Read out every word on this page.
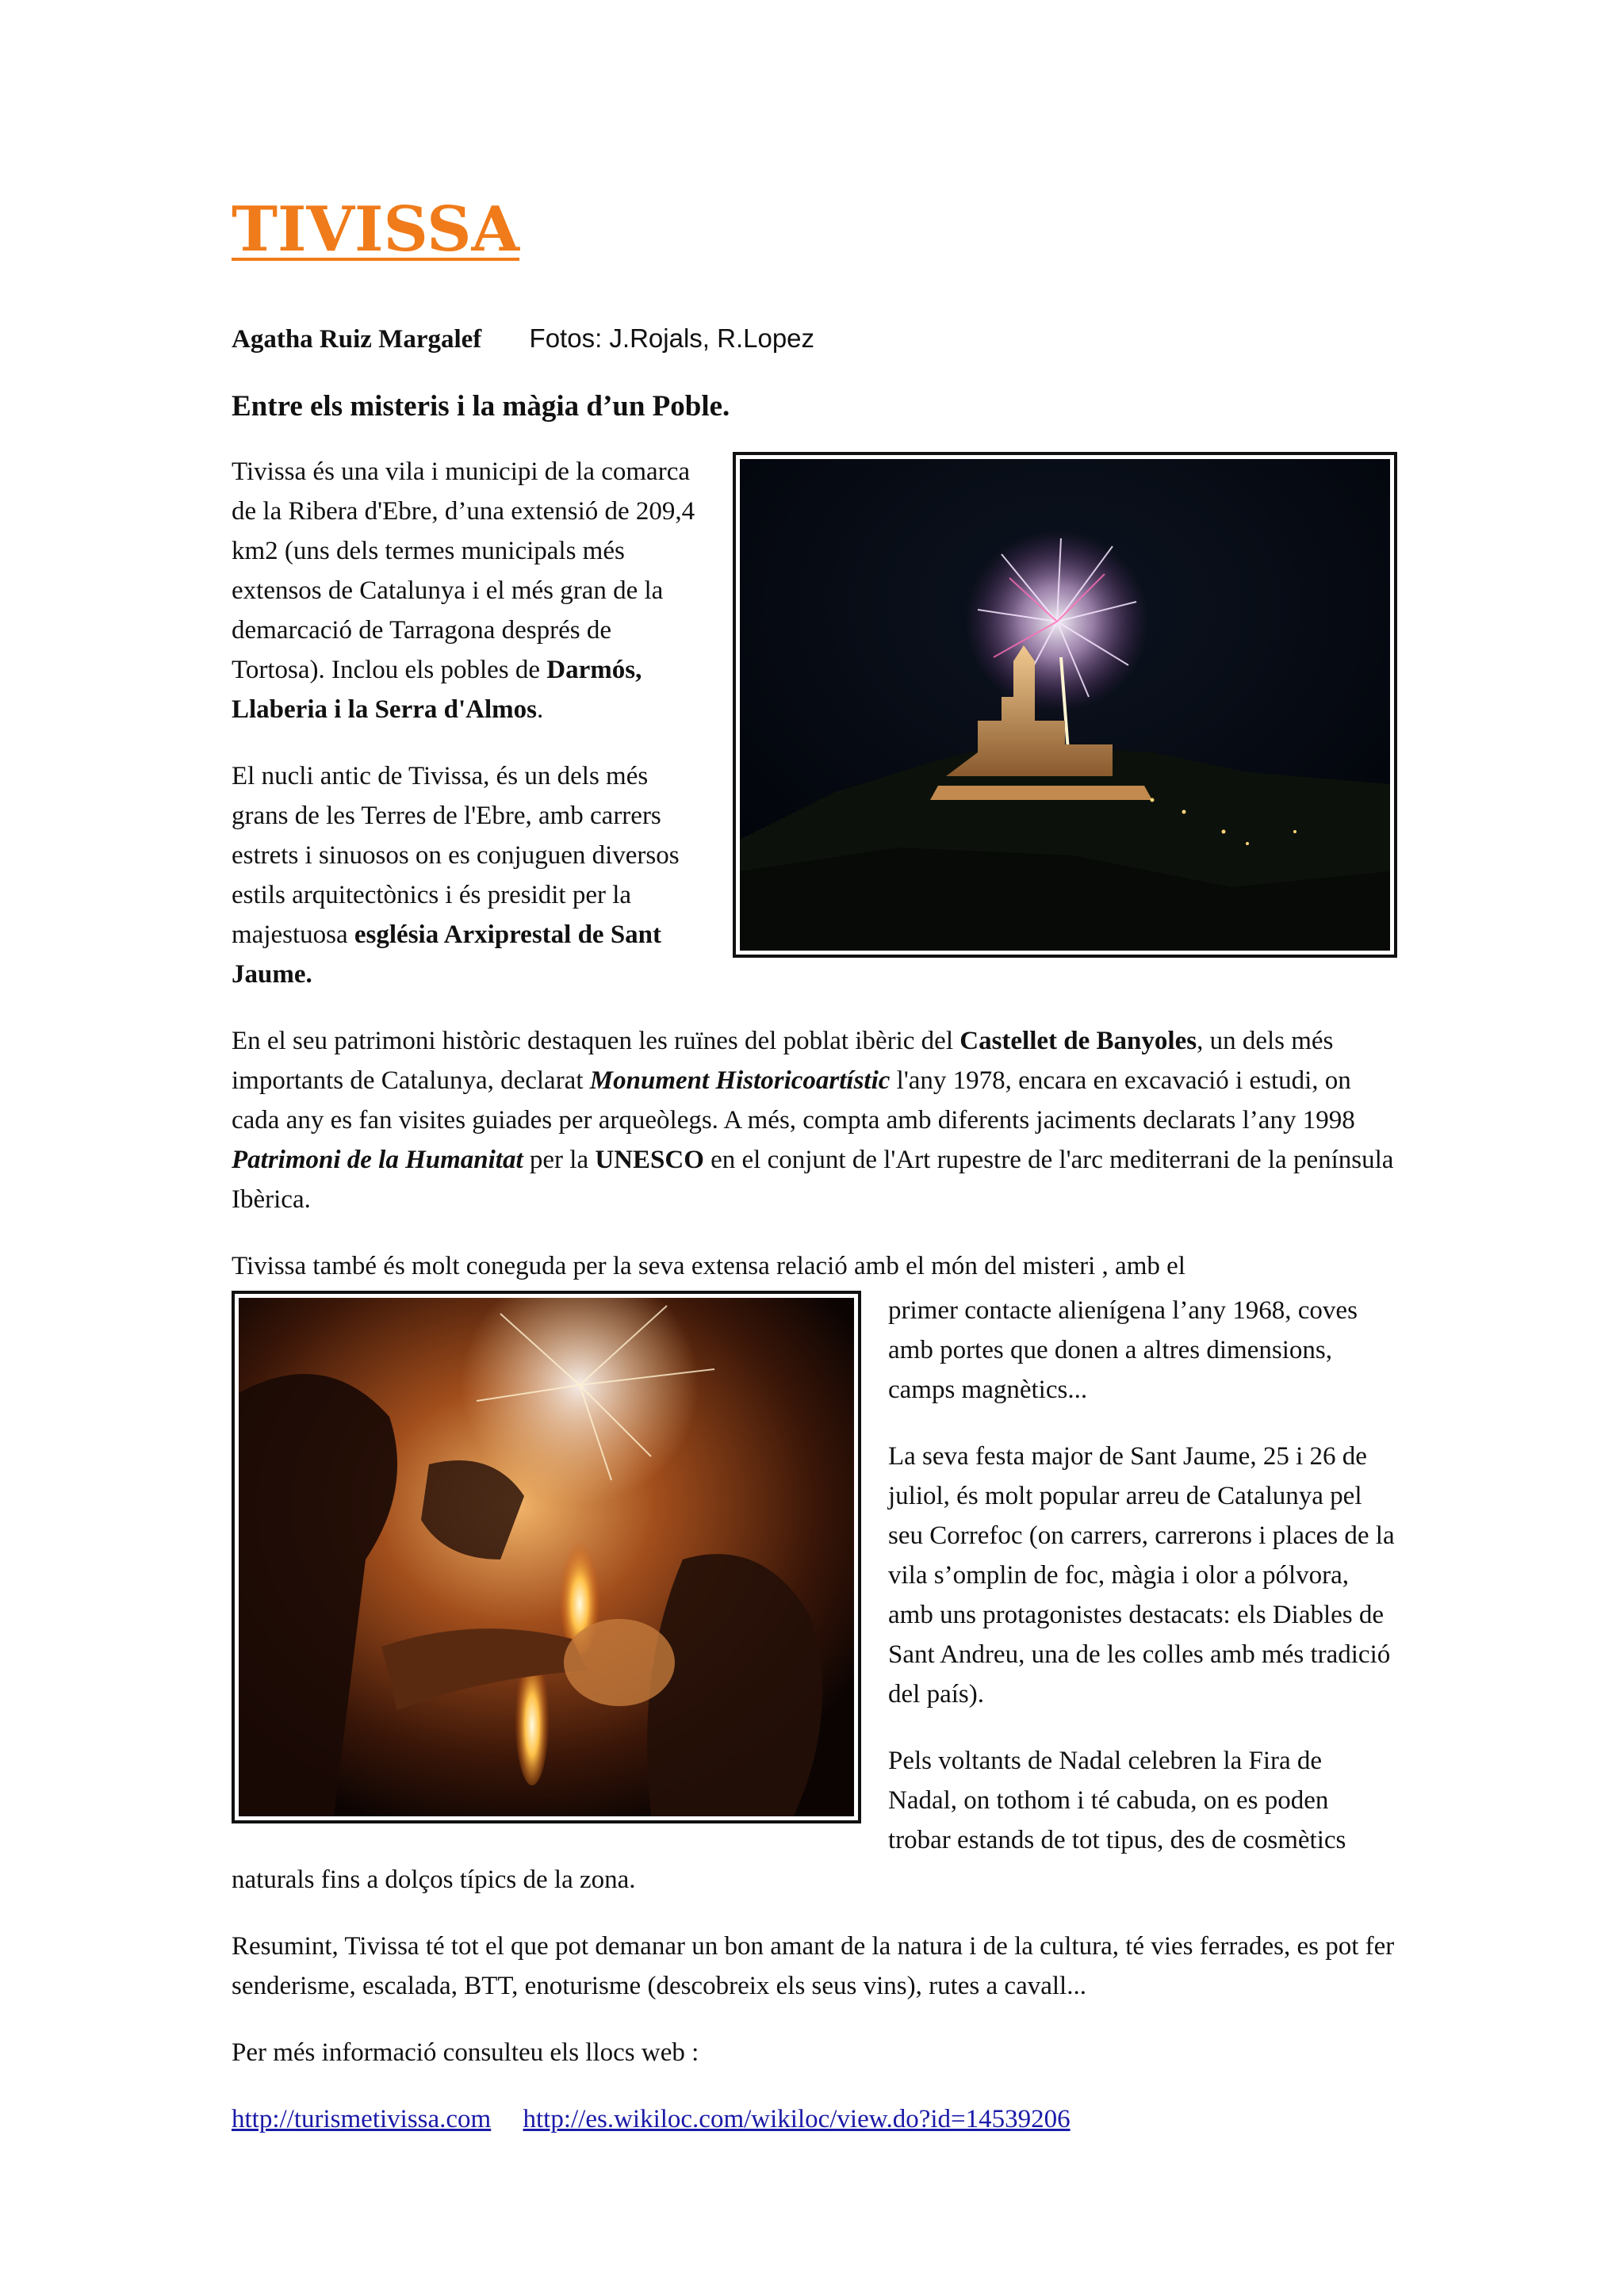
TIVISSA
Agatha Ruiz Margalef Fotos: J.Rojals, R.Lopez
Entre els misteris i la màgia d’un Poble.

Tivissa és una vila i municipi de la comarca de la Ribera d'Ebre, d’una extensió de 209,4 km2 (uns dels termes municipals més extensos de Catalunya i el més gran de la demarcació de Tarragona després de Tortosa). Inclou els pobles de Darmós, Llaberia i la Serra d'Almos.

El nucli antic de Tivissa, és un dels més grans de les Terres de l'Ebre, amb carrers estrets i sinuosos on es conjuguen diversos estils arquitectònics i és presidit per la majestuosa església Arxiprestal de Sant Jaume.

En el seu patrimoni històric destaquen les ruïnes del poblat ibèric del Castellet de Banyoles, un dels més importants de Catalunya, declarat Monument Historicoartístic l'any 1978, encara en excavació i estudi, on cada any es fan visites guiades per arqueòlegs. A més, compta amb diferents jaciments declarats l’any 1998 Patrimoni de la Humanitat per la UNESCO en el conjunt de l'Art rupestre de l'arc mediterrani de la península Ibèrica.

Tivissa també és molt coneguda per la seva extensa relació amb el món del misteri , amb el

primer contacte alienígena l’any 1968, coves amb portes que donen a altres dimensions, camps magnètics...

La seva festa major de Sant Jaume, 25 i 26 de juliol, és molt popular arreu de Catalunya pel seu Correfoc (on carrers, carrerons i places de la vila s’omplin de foc, màgia i olor a pólvora, amb uns protagonistes destacats: els Diables de Sant Andreu, una de les colles amb més tradició del país).

Pels voltants de Nadal celebren la Fira de Nadal, on tothom i té cabuda, on es poden trobar estands de tot tipus, des de cosmètics naturals fins a dolços típics de la zona.

Resumint, Tivissa té tot el que pot demanar un bon amant de la natura i de la cultura, té vies ferrades, es pot fer senderisme, escalada, BTT, enoturisme (descobreix els seus vins), rutes a cavall...

Per més informació consulteu els llocs web :

http://turismetivissa.com http://es.wikiloc.com/wikiloc/view.do?id=14539206
